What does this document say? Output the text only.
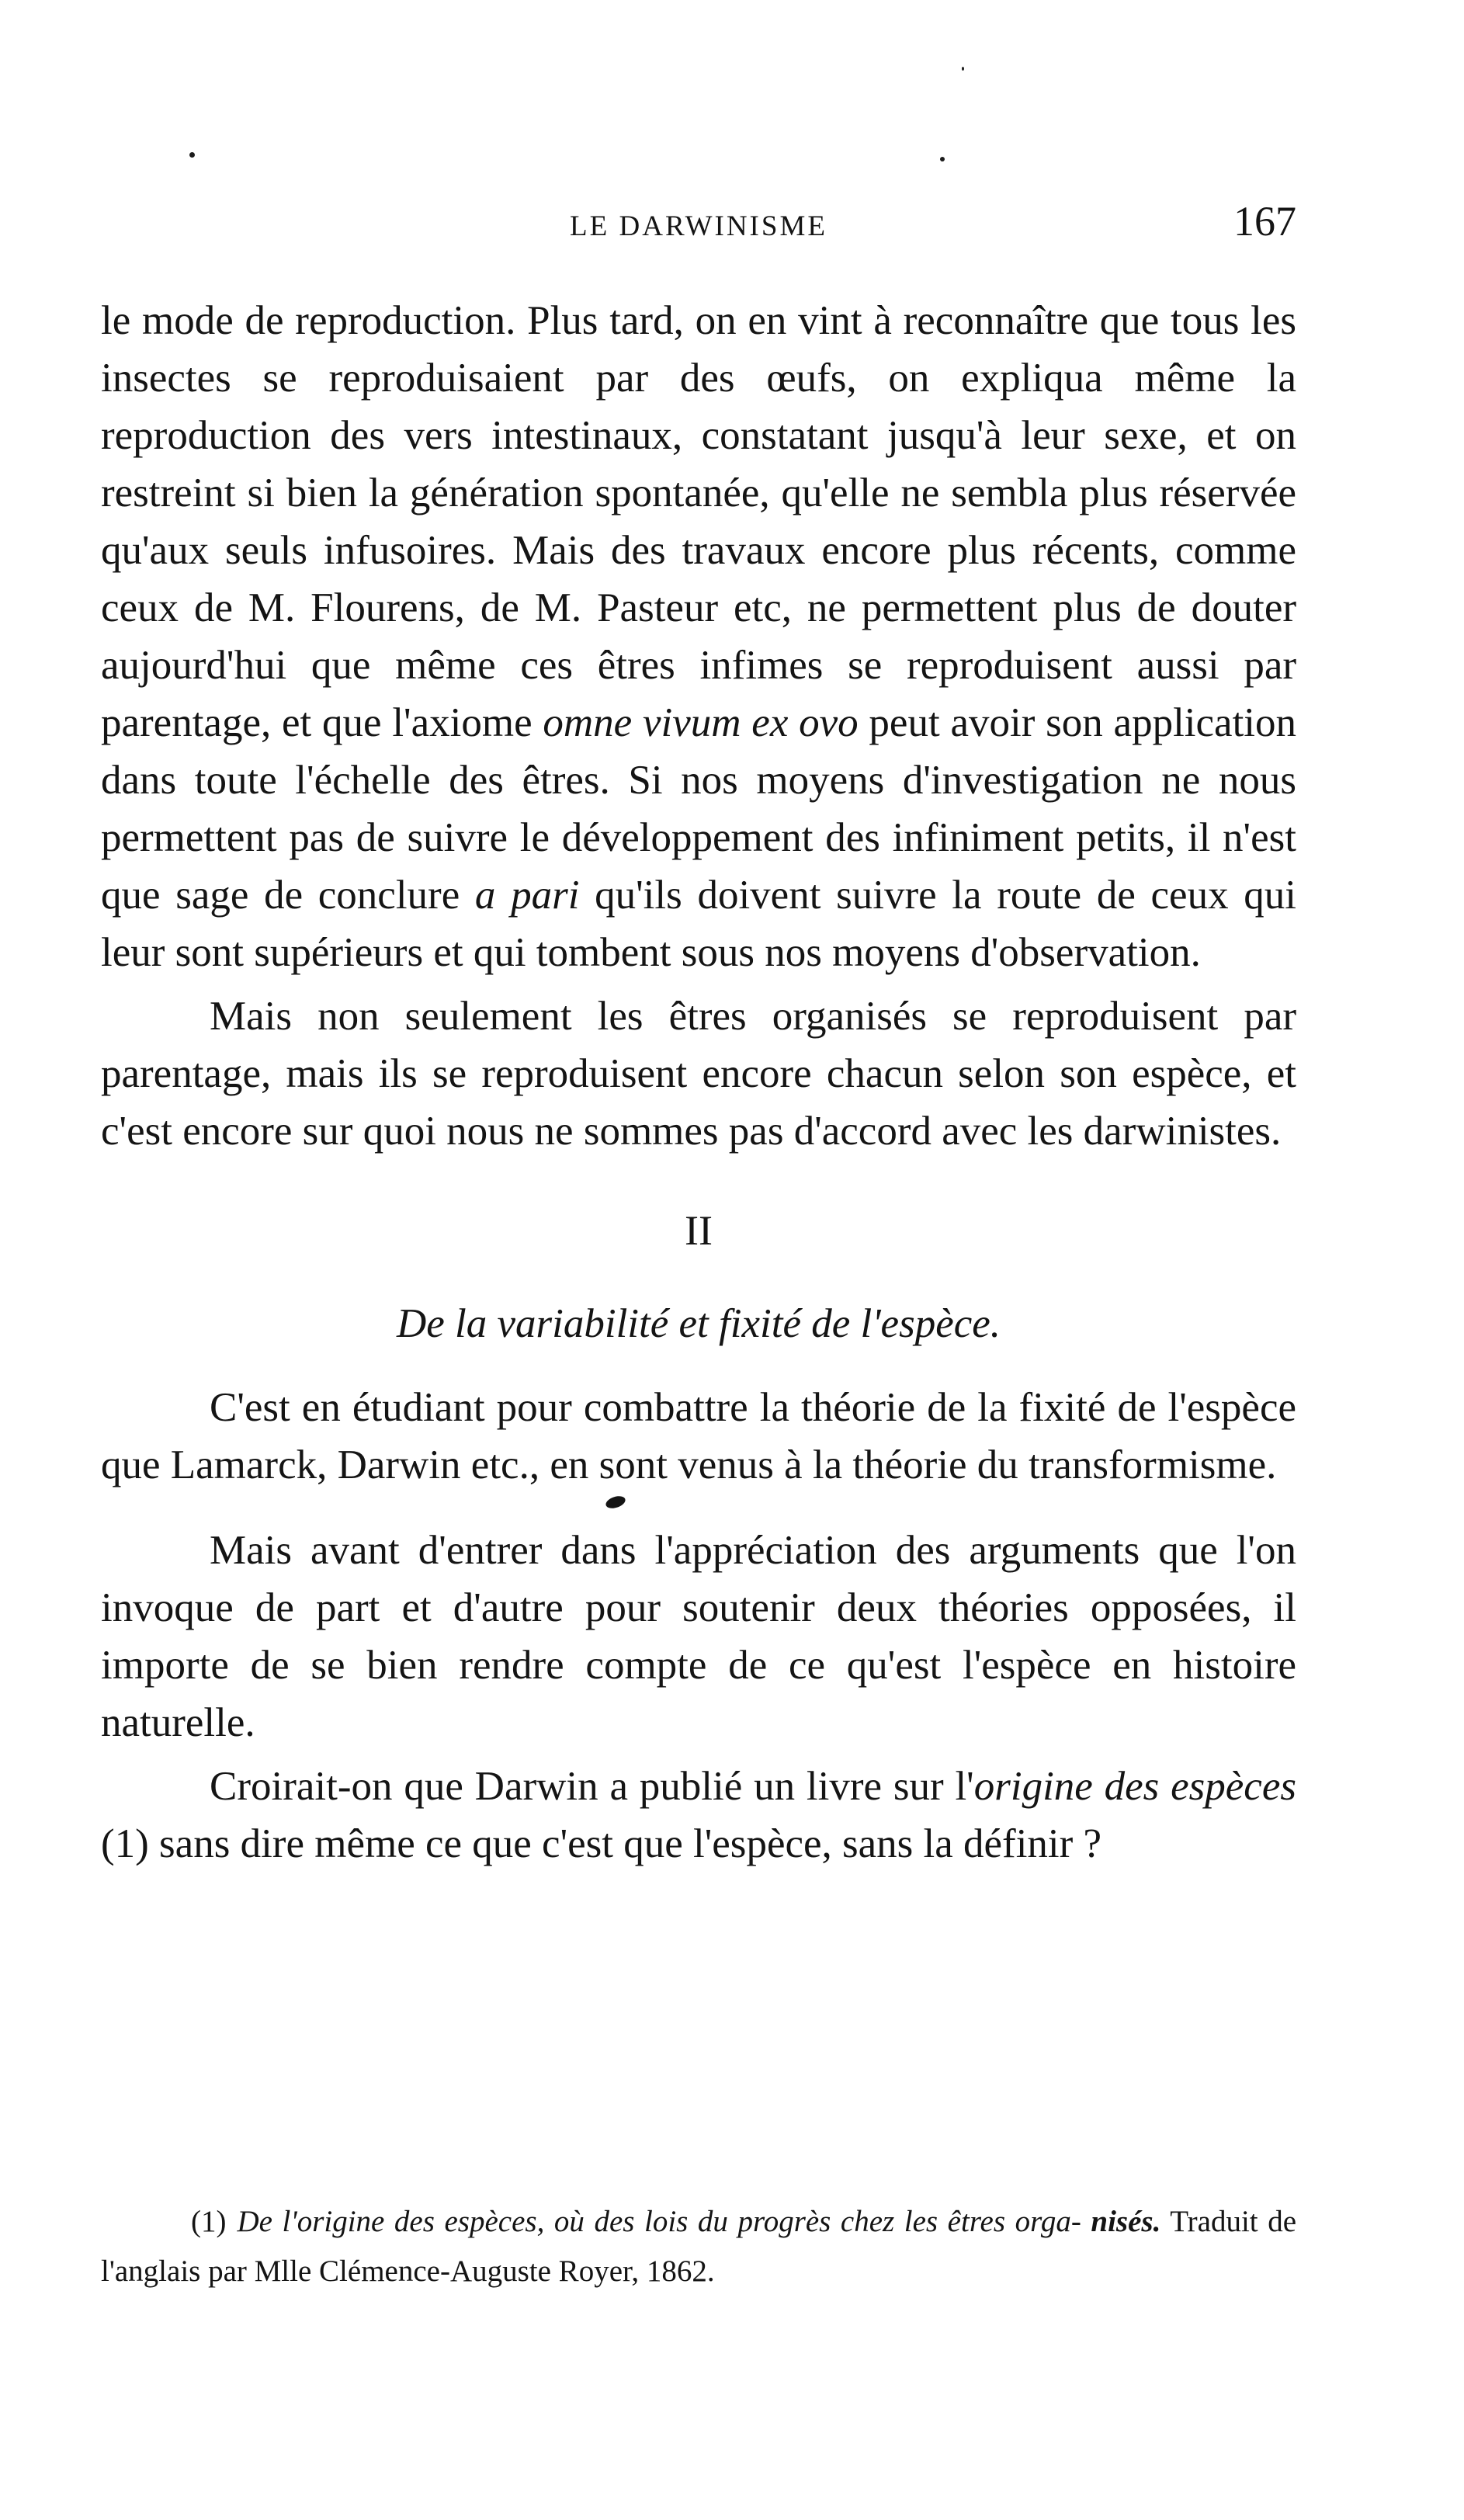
LE DARWINISME	167

le mode de reproduction. Plus tard, on en vint à reconnaître que tous les insectes se reproduisaient par des œufs, on expliqua même la reproduction des vers intestinaux, constatant jusqu'à leur sexe, et on restreint si bien la génération spontanée, qu'elle ne sembla plus réservée qu'aux seuls infusoires. Mais des travaux encore plus récents, comme ceux de M. Flourens, de M. Pasteur etc, ne permettent plus de douter aujourd'hui que même ces êtres infimes se reproduisent aussi par parentage, et que l'axiome omne vivum ex ovo peut avoir son application dans toute l'échelle des êtres. Si nos moyens d'investigation ne nous permettent pas de suivre le développement des infiniment petits, il n'est que sage de conclure a pari qu'ils doivent suivre la route de ceux qui leur sont supérieurs et qui tombent sous nos moyens d'observation.

Mais non seulement les êtres organisés se reproduisent par parentage, mais ils se reproduisent encore chacun selon son espèce, et c'est encore sur quoi nous ne sommes pas d'accord avec les darwinistes.

II
De la variabilité et fixité de l'espèce.

C'est en étudiant pour combattre la théorie de la fixité de l'espèce que Lamarck, Darwin etc., en sont venus à la théorie du transformisme.

Mais avant d'entrer dans l'appréciation des arguments que l'on invoque de part et d'autre pour soutenir deux théories opposées, il importe de se bien rendre compte de ce qu'est l'espèce en histoire naturelle.

Croirait-on que Darwin a publié un livre sur l'origine des espèces (1) sans dire même ce que c'est que l'espèce, sans la définir ?

(1) De l'origine des espèces, où des lois du progrès chez les êtres orga- nisés. Traduit de l'anglais par Mlle Clémence-Auguste Royer, 1862.
